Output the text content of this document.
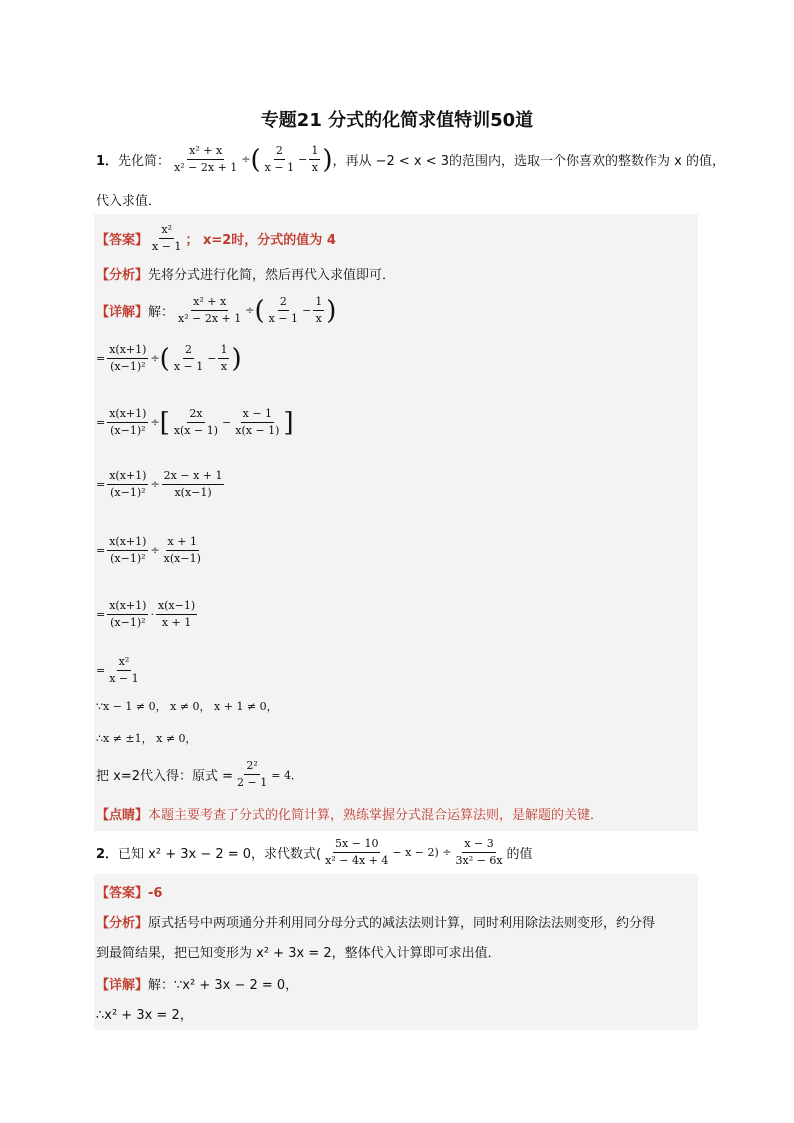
专题21 分式的化简求值特训50道
1． 先化简： $\frac{\text{x² + x}}{\text{x² − 2x + 1}}$ ÷ ( $\frac{2}{x - 1} - \frac{1}{x}$ ) ，再从 −2 < x < 3的范围内，选取一个你喜欢的整数作为 x 的值，
代入求值．
【答案】 $\frac{\text{x²}}{x - 1}$ ； x=2时，分式的值为 4
【分析】先将分式进行化简，然后再代入求值即可．
【详解】 解： $\frac{\text{x² + x}}{\text{x² − 2x + 1}}$ ÷ ( $\frac{2}{x - 1} - \frac{1}{x}$ )
= $\frac{x(x+1)}{\text{(x−1)²}}$ ÷ ( $\frac{2}{x - 1} - \frac{1}{x}$ )
= $\frac{x(x+1)}{\text{(x−1)²}}$ ÷ [ $\frac{2x}{x(x - 1)} - \frac{x - 1}{x(x - 1)}$ ]
= $\frac{x(x+1)}{\text{(x−1)²}} \div \frac{2x - x + 1}{x(x-1)}$
= $\frac{x(x+1)}{\text{(x−1)²}} \div \frac{x + 1}{x(x-1)}$
= $\frac{x(x+1)}{\text{(x−1)²}} \cdot \frac{x(x-1)}{x + 1}$
= $\frac{\text{x²}}{x - 1}$
∵x − 1 ≠ 0， x ≠ 0， x + 1 ≠ 0，
∴x ≠ ±1， x ≠ 0，
把 x=2代入得：原式 = $\frac{\text{2²}}{2 - 1} = 4$．
【点睛】本题主要考查了分式的化简计算，熟练掌握分式混合运算法则，是解题的关键．
2． 已知 x² + 3x − 2 = 0，求代数式( $\frac{5x - 10}{\text{x² − 4x + 4}} - x - 2) \div \frac{x - 3}{\text{3x² − 6x}}$ 的值
【答案】-6
【分析】原式括号中两项通分并利用同分母分式的减法法则计算，同时利用除法法则变形，约分得
到最简结果，把已知变形为 x² + 3x = 2，整体代入计算即可求出值．
【详解】解：∵x² + 3x − 2 = 0，
∴x² + 3x = 2，
